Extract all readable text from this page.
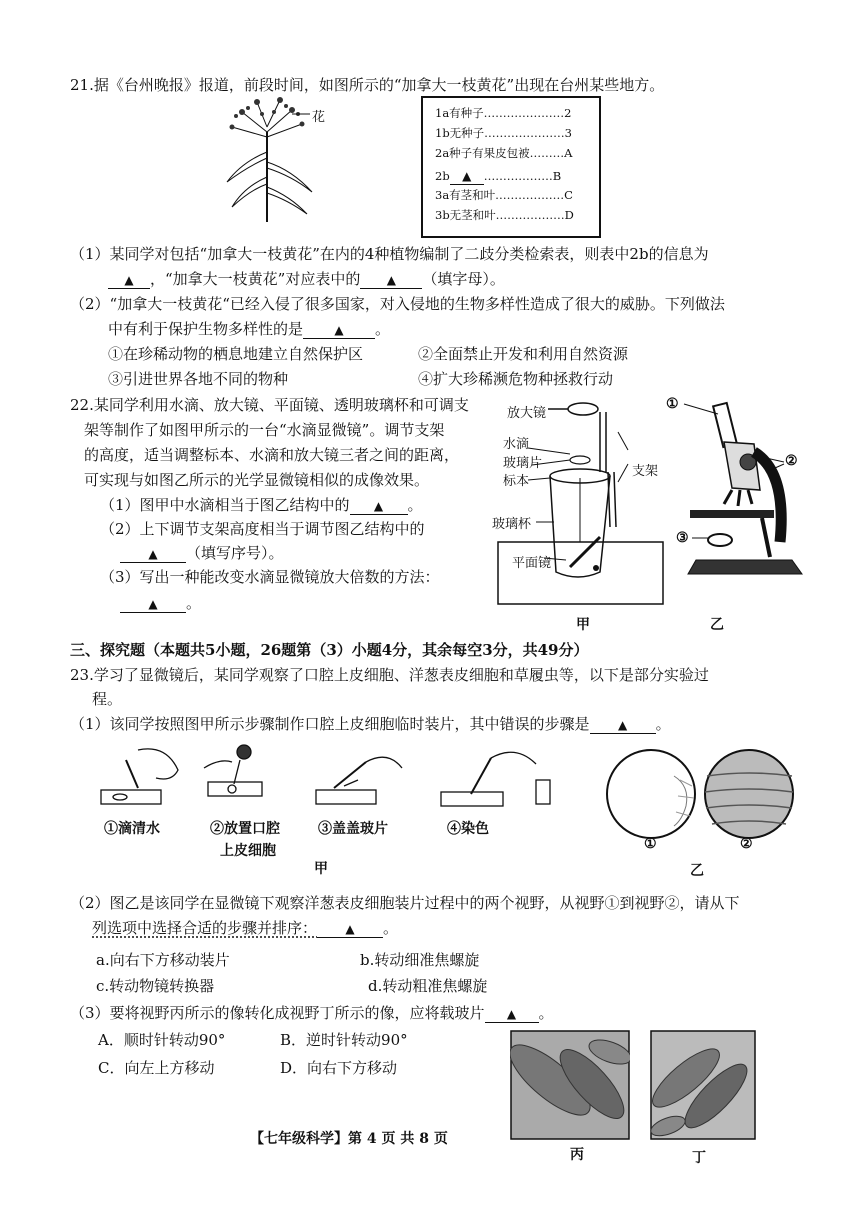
21.据《台州晚报》报道，前段时间，如图所示的“加拿大一枝黄花”出现在台州某些地方。
花	1a有种子…………………2
1b无种子…………………3
2a种子有果皮包被………A
2b ▲ ………………B
3a有茎和叶………………C
3b无茎和叶………………D
（1）某同学对包括“加拿大一枝黄花”在内的4种植物编制了二歧分类检索表，则表中2b的信息为
▲ ，“加拿大一枝黄花”对应表中的 ▲ （填字母）。
（2）“加拿大一枝黄花“已经入侵了很多国家，对入侵地的生物多样性造成了很大的威胁。下列做法
中有利于保护生物多样性的是	▲ 。
①在珍稀动物的栖息地建立自然保护区	②全面禁止开发和利用自然资源
③引进世界各地不同的物种	④扩大珍稀濒危物种拯救行动
22.某同学利用水滴、放大镜、平面镜、透明玻璃杯和可调支
架等制作了如图甲所示的一台“水滴显微镜”。调节支架
的高度，适当调整标本、水滴和放大镜三者之间的距离，
可实现与如图乙所示的光学显微镜相似的成像效果。
（1）图甲中水滴相当于图乙结构中的 ▲ 。
（2）上下调节支架高度相当于调节图乙结构中的
▲ （填写序号）。
（3）写出一种能改变水滴显微镜放大倍数的方法：
▲ 。
放大镜
水滴
玻璃片
标本
玻璃杯
平面镜
支架
甲
①
②
③
乙
三、探究题（本题共5小题，26题第（3）小题4分，其余每空3分，共49分）
23.学习了显微镜后，某同学观察了口腔上皮细胞、洋葱表皮细胞和草履虫等，以下是部分实验过
程。
（1）该同学按照图甲所示步骤制作口腔上皮细胞临时装片，其中错误的步骤是 ▲ 。
①滴清水	②放置口腔
上皮细胞
③盖盖玻片	④染色
甲
①	②
乙
（2）图乙是该同学在显微镜下观察洋葱表皮细胞装片过程中的两个视野，从视野①到视野②，请从下
列选项中选择合适的步骤并排序： ▲ 。
a.向右下方移动装片	b.转动细准焦螺旋
c.转动物镜转换器	d.转动粗准焦螺旋
（3）要将视野丙所示的像转化成视野丁所示的像，应将载玻片 ▲ 。
A．顺时针转动90°	B．逆时针转动90°
C．向左上方移动	D．向右下方移动
丙	丁
【七年级科学】第 4 页 共 8 页
